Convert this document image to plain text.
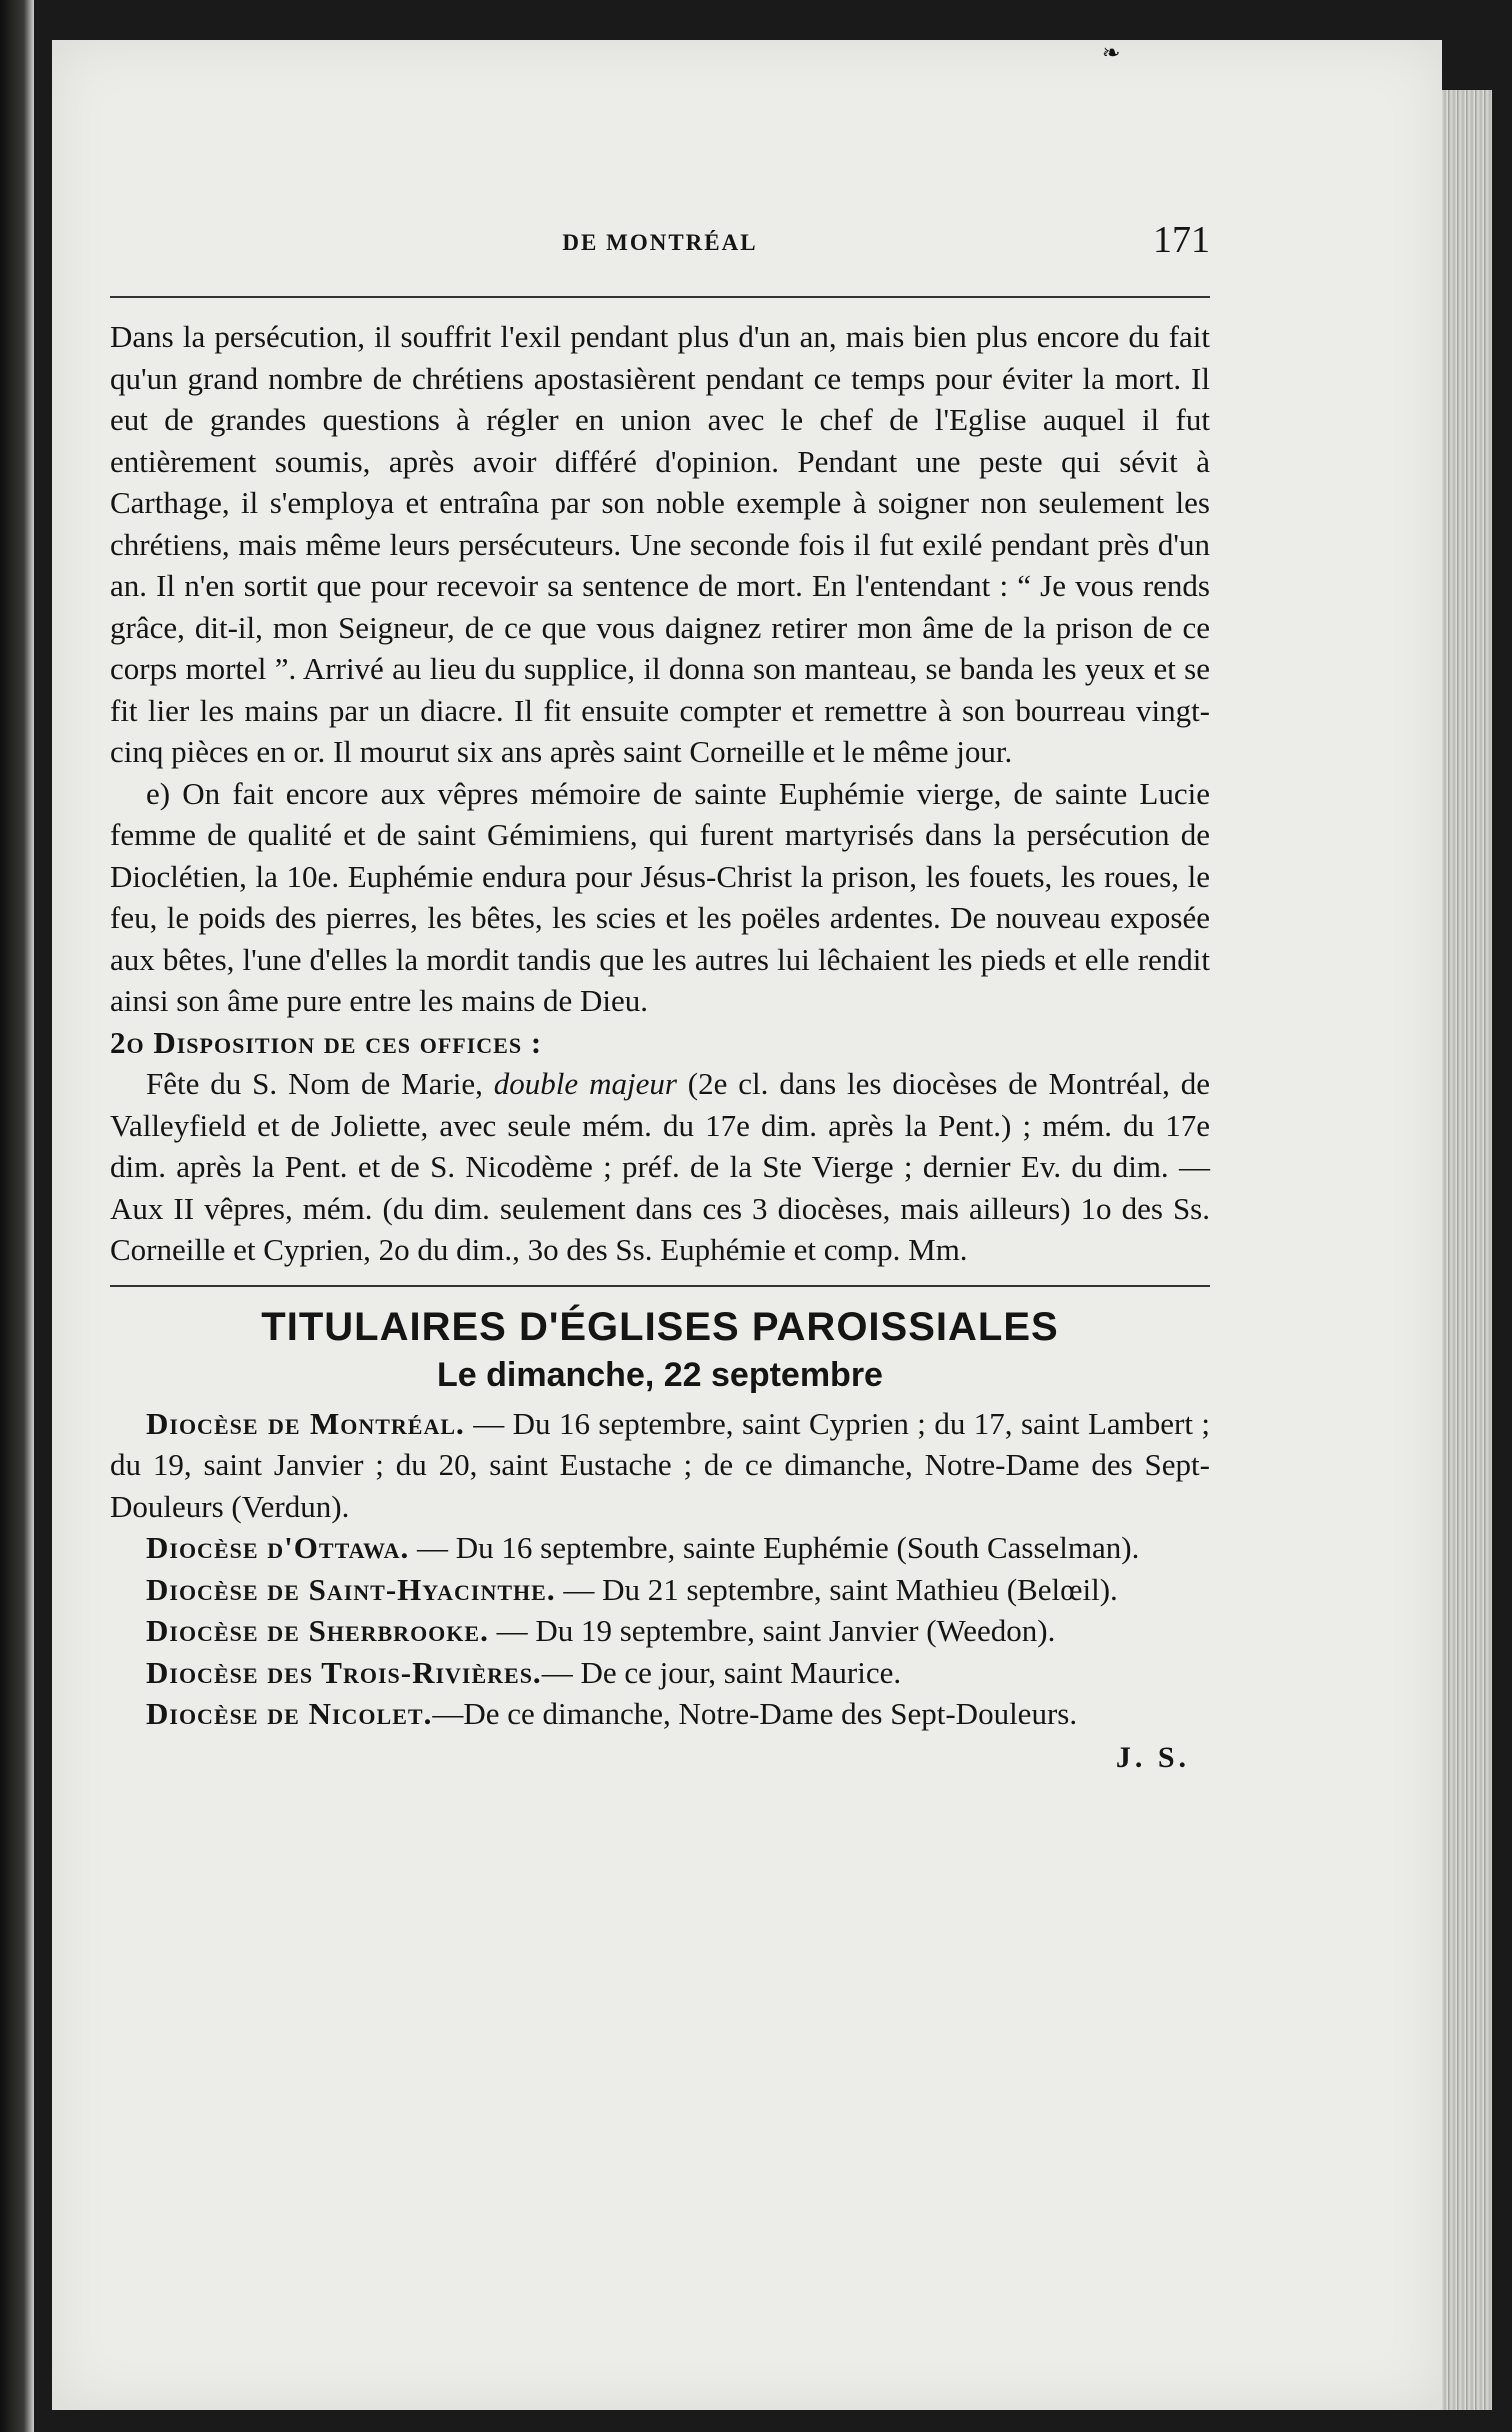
❧
DE MONTRÉAL	171

Dans la persécution, il souffrit l'exil pendant plus d'un an, mais bien plus encore du fait qu'un grand nombre de chrétiens apostasièrent pendant ce temps pour éviter la mort. Il eut de grandes questions à régler en union avec le chef de l'Eglise auquel il fut entièrement soumis, après avoir différé d'opinion. Pendant une peste qui sévit à Carthage, il s'employa et entraîna par son noble exemple à soigner non seulement les chrétiens, mais même leurs persécuteurs. Une seconde fois il fut exilé pendant près d'un an. Il n'en sortit que pour recevoir sa sentence de mort. En l'entendant : “ Je vous rends grâce, dit-il, mon Seigneur, de ce que vous daignez retirer mon âme de la prison de ce corps mortel ”. Arrivé au lieu du supplice, il donna son manteau, se banda les yeux et se fit lier les mains par un diacre. Il fit ensuite compter et remettre à son bourreau vingt-cinq pièces en or. Il mourut six ans après saint Corneille et le même jour.

e) On fait encore aux vêpres mémoire de sainte Euphémie vierge, de sainte Lucie femme de qualité et de saint Gémimiens, qui furent martyrisés dans la persécution de Dioclétien, la 10e. Euphémie endura pour Jésus-Christ la prison, les fouets, les roues, le feu, le poids des pierres, les bêtes, les scies et les poëles ardentes. De nouveau exposée aux bêtes, l'une d'elles la mordit tandis que les autres lui lêchaient les pieds et elle rendit ainsi son âme pure entre les mains de Dieu.

2o Disposition de ces offices :

Fête du S. Nom de Marie, double majeur (2e cl. dans les diocèses de Montréal, de Valleyfield et de Joliette, avec seule mém. du 17e dim. après la Pent.) ; mém. du 17e dim. après la Pent. et de S. Nicodème ; préf. de la Ste Vierge ; dernier Ev. du dim. — Aux II vêpres, mém. (du dim. seulement dans ces 3 diocèses, mais ailleurs) 1o des Ss. Corneille et Cyprien, 2o du dim., 3o des Ss. Euphémie et comp. Mm.

TITULAIRES D'ÉGLISES PAROISSIALES
Le dimanche, 22 septembre

Diocèse de Montréal. — Du 16 septembre, saint Cyprien ; du 17, saint Lambert ; du 19, saint Janvier ; du 20, saint Eustache ; de ce dimanche, Notre-Dame des Sept-Douleurs (Verdun).

Diocèse d'Ottawa. — Du 16 septembre, sainte Euphémie (South Casselman).

Diocèse de Saint-Hyacinthe. — Du 21 septembre, saint Mathieu (Belœil).

Diocèse de Sherbrooke. — Du 19 septembre, saint Janvier (Weedon).

Diocèse des Trois-Rivières.— De ce jour, saint Maurice.

Diocèse de Nicolet.—De ce dimanche, Notre-Dame des Sept-Douleurs.

J. S.
